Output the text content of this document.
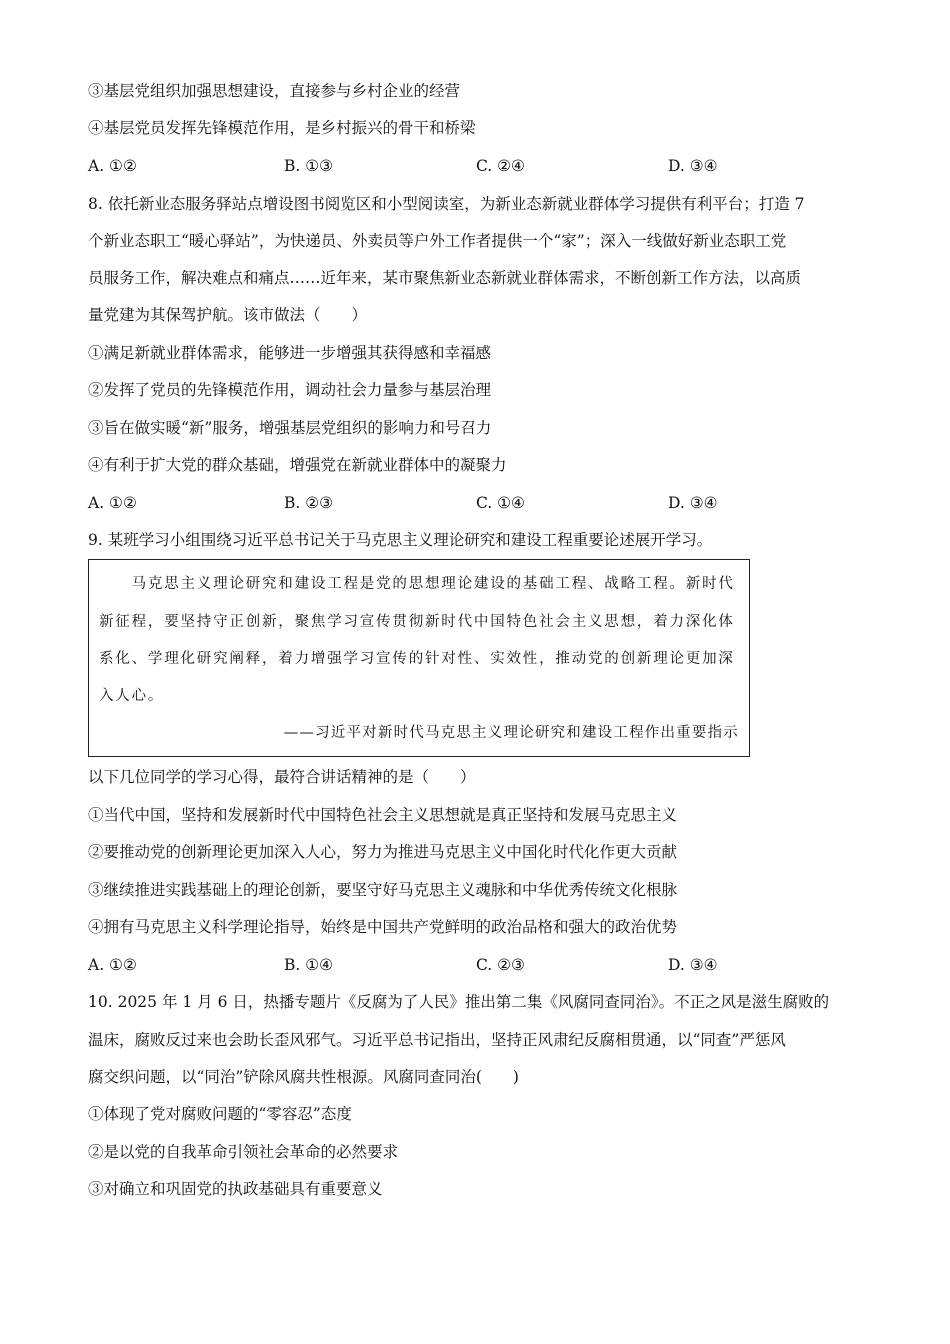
③基层党组织加强思想建设，直接参与乡村企业的经营
④基层党员发挥先锋模范作用，是乡村振兴的骨干和桥梁
A. ①②	B. ①③	C. ②④	D. ③④
8. 依托新业态服务驿站点增设图书阅览区和小型阅读室，为新业态新就业群体学习提供有利平台；打造 7
个新业态职工“暖心驿站”，为快递员、外卖员等户外工作者提供一个“家”；深入一线做好新业态职工党
员服务工作，解决难点和痛点……近年来，某市聚焦新业态新就业群体需求，不断创新工作方法，以高质
量党建为其保驾护航。该市做法（　　）
①满足新就业群体需求，能够进一步增强其获得感和幸福感
②发挥了党员的先锋模范作用，调动社会力量参与基层治理
③旨在做实暖“新”服务，增强基层党组织的影响力和号召力
④有利于扩大党的群众基础，增强党在新就业群体中的凝聚力
A. ①②	B. ②③	C. ①④	D. ③④
9. 某班学习小组围绕习近平总书记关于马克思主义理论研究和建设工程重要论述展开学习。
　　马克思主义理论研究和建设工程是党的思想理论建设的基础工程、战略工程。新时代
新征程，要坚持守正创新，聚焦学习宣传贯彻新时代中国特色社会主义思想，着力深化体
系化、学理化研究阐释，着力增强学习宣传的针对性、实效性，推动党的创新理论更加深
入人心。
——习近平对新时代马克思主义理论研究和建设工程作出重要指示
以下几位同学的学习心得，最符合讲话精神的是（　　）
①当代中国，坚持和发展新时代中国特色社会主义思想就是真正坚持和发展马克思主义
②要推动党的创新理论更加深入人心，努力为推进马克思主义中国化时代化作更大贡献
③继续推进实践基础上的理论创新，要坚守好马克思主义魂脉和中华优秀传统文化根脉
④拥有马克思主义科学理论指导，始终是中国共产党鲜明的政治品格和强大的政治优势
A. ①②	B. ①④	C. ②③	D. ③④
10. 2025 年 1 月 6 日，热播专题片《反腐为了人民》推出第二集《风腐同查同治》。不正之风是滋生腐败的
温床，腐败反过来也会助长歪风邪气。习近平总书记指出，坚持正风肃纪反腐相贯通，以“同查”严惩风
腐交织问题，以“同治”铲除风腐共性根源。风腐同查同治(　　)
①体现了党对腐败问题的“零容忍”态度
②是以党的自我革命引领社会革命的必然要求
③对确立和巩固党的执政基础具有重要意义
